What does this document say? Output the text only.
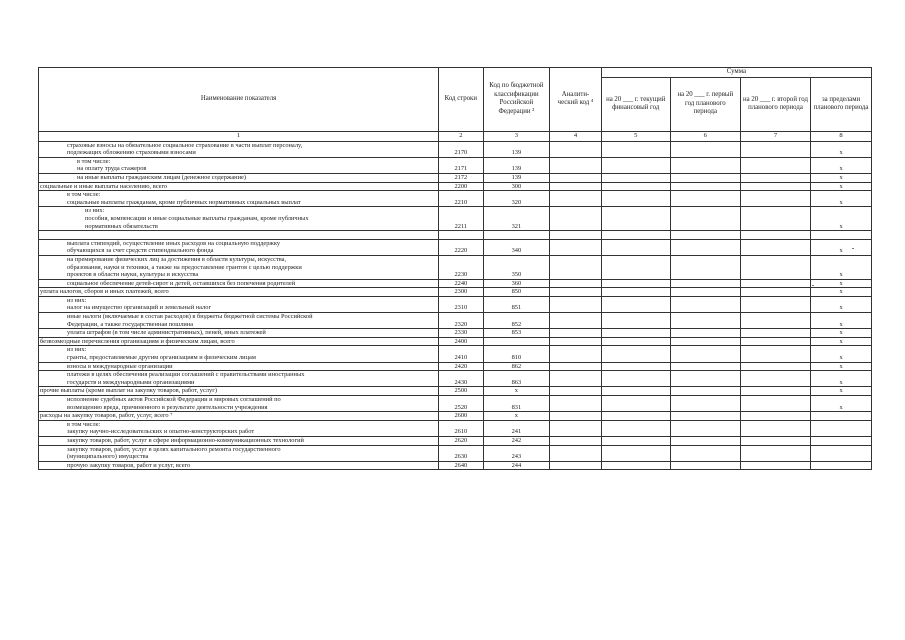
Наименование показателя	Код строки	Код по бюджетной классификации Российской Федерации ³	Аналити-ческий код ⁴	Сумма			
				на 20 ___ г. текущий финансовый год	на 20 ___ г. первый год планового периода	на 20 ___ г. второй год планового периода	за пределами планового периода
1	2	3	4	5	6	7	8

страховые взносы на обязательное социальное страхование в части выплат персоналу,
подлежащих обложению страховыми взносами	2170	139					x

в том числе:
на оплату труда стажеров	2171	139					x

на иные выплаты гражданским лицам (денежное содержание)	2172	139					x

социальные и иные выплаты населению, всего	2200	300					x

в том числе:
социальные выплаты гражданам, кроме публичных нормативных социальных выплат	2210	320					x

из них:
пособия, компенсации и иные социальные выплаты гражданам, кроме публичных
нормативных обязательств	2211	321					x

выплата стипендий, осуществление иных расходов на социальную поддержку
обучающихся за счет средств стипендиального фонда	2220	340					x

на премирование физических лиц за достижения в области культуры, искусства,
образования, науки и техники, а также на предоставление грантов с целью поддержки
проектов в области науки, культуры и искусства	2230	350					x

социальное обеспечение детей-сирот и детей, оставшихся без попечения родителей	2240	360					x

уплата налогов, сборов и иных платежей, всего	2300	850					x

из них:
налог на имущество организаций и земельный налог	2310	851					x

иные налоги (включаемые в состав расходов) в бюджеты бюджетной системы Российской
Федерации, а также государственная пошлина	2320	852					x

уплата штрафов (в том числе административных), пеней, иных платежей	2330	853					x

безвозмездные перечисления организациям и физическим лицам, всего	2400						x

из них:
гранты, предоставляемые другим организациям и физическим лицам	2410	810					x

взносы в международные организации	2420	862					x

платежи в целях обеспечения реализации соглашений с правительствами иностранных
государств и международными организациями	2430	863					x

прочие выплаты (кроме выплат на закупку товаров, работ, услуг)	2500	x					x

исполнение судебных актов Российской Федерации и мировых соглашений по
возмещению вреда, причиненного в результате деятельности учреждения	2520	831					x

расходы на закупку товаров, работ, услуг, всего ⁷	2600	x					

в том числе:
закупку научно-исследовательских и опытно-конструкторских работ	2610	241					

закупку товаров, работ, услуг в сфере информационно-коммуникационных технологий	2620	242					

закупку товаров, работ, услуг в целях капитального ремонта государственного
(муниципального) имущества	2630	243					

прочую закупку товаров, работ и услуг, всего	2640	244					
